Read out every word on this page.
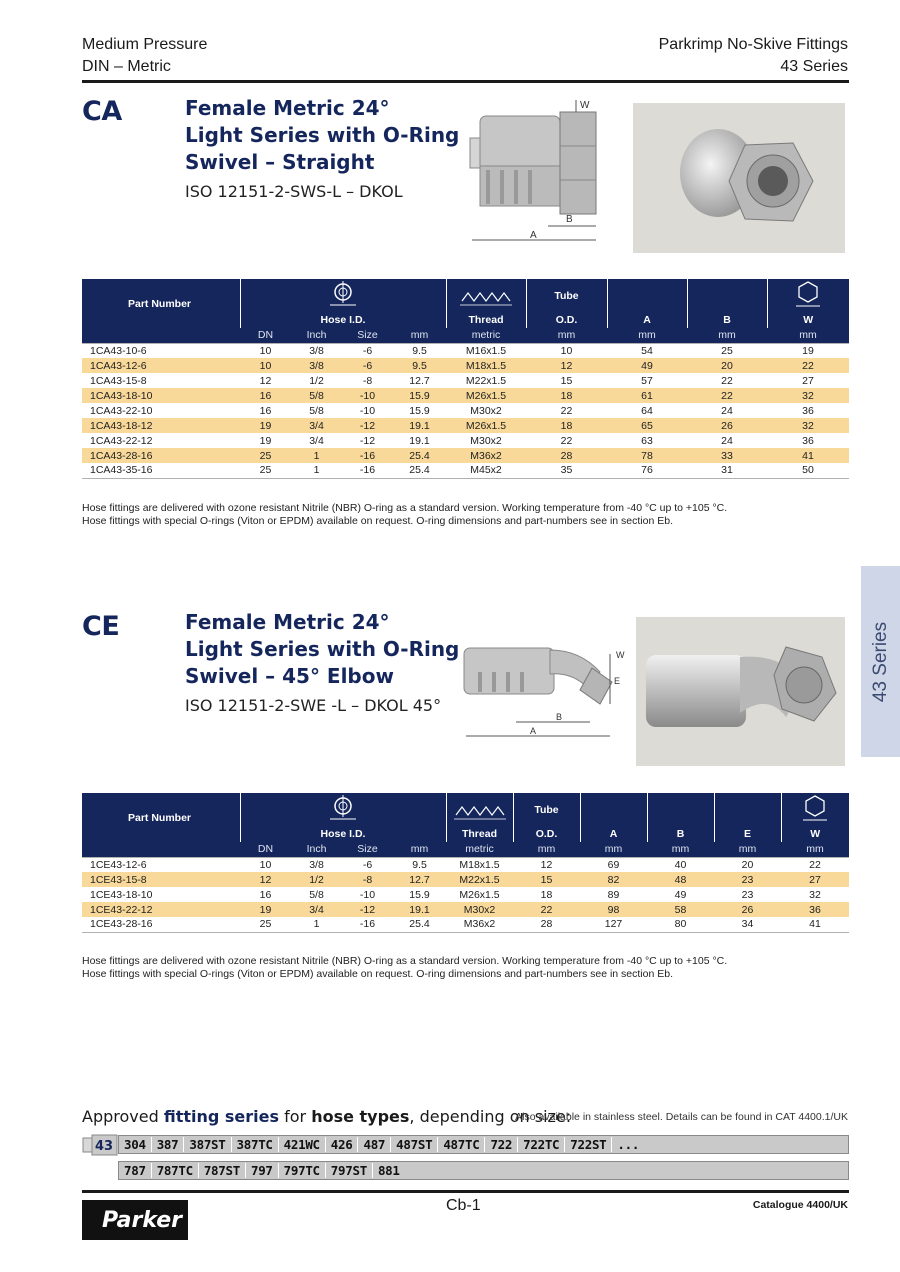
Medium Pressure
DIN – Metric
Parkrimp No-Skive Fittings
43 Series
CA	Female Metric 24°
Light Series with O-Ring
Swivel – Straight
ISO 12151-2-SWS-L – DKOL
W
B
A
Part Number						Tube	A	B	
	Hose I.D.				Thread	O.D.			W
	DN	Inch	Size	mm	metric	mm	mm	mm	mm
1CA43-10-6	10	3/8	-6	9.5	M16x1.5	10	54	25	19
1CA43-12-6	10	3/8	-6	9.5	M18x1.5	12	49	20	22
1CA43-15-8	12	1/2	-8	12.7	M22x1.5	15	57	22	27
1CA43-18-10	16	5/8	-10	15.9	M26x1.5	18	61	22	32
1CA43-22-10	16	5/8	-10	15.9	M30x2	22	64	24	36
1CA43-18-12	19	3/4	-12	19.1	M26x1.5	18	65	26	32
1CA43-22-12	19	3/4	-12	19.1	M30x2	22	63	24	36
1CA43-28-16	25	1	-16	25.4	M36x2	28	78	33	41
1CA43-35-16	25	1	-16	25.4	M45x2	35	76	31	50
Hose fittings are delivered with ozone resistant Nitrile (NBR) O-ring as a standard version. Working temperature from -40 °C up to +105 °C.
Hose fittings with special O-rings (Viton or EPDM) available on request. O-ring dimensions and part-numbers see in section Eb.
43 Series
CE	Female Metric 24°
Light Series with O-Ring
Swivel – 45° Elbow
ISO 12151-2-SWE -L – DKOL 45°
E
W
B
A
Part Number						Tube	A	B	E	
	Hose I.D.				Thread	O.D.				W
	DN	Inch	Size	mm	metric	mm	mm	mm	mm	mm
1CE43-12-6	10	3/8	-6	9.5	M18x1.5	12	69	40	20	22
1CE43-15-8	12	1/2	-8	12.7	M22x1.5	15	82	48	23	27
1CE43-18-10	16	5/8	-10	15.9	M26x1.5	18	89	49	23	32
1CE43-22-12	19	3/4	-12	19.1	M30x2	22	98	58	26	36
1CE43-28-16	25	1	-16	25.4	M36x2	28	127	80	34	41
Hose fittings are delivered with ozone resistant Nitrile (NBR) O-ring as a standard version. Working temperature from -40 °C up to +105 °C.
Hose fittings with special O-rings (Viton or EPDM) available on request. O-ring dimensions and part-numbers see in section Eb.
Approved fitting series for hose types, depending on size:
Also available in stainless steel. Details can be found in CAT 4400.1/UK
43 304 387 387ST 387TC 421WC 426 487 487ST 487TC 722 722TC 722ST ...
787 787TC 787ST 797 797TC 797ST 881
Parker
Cb-1	Catalogue 4400/UK
